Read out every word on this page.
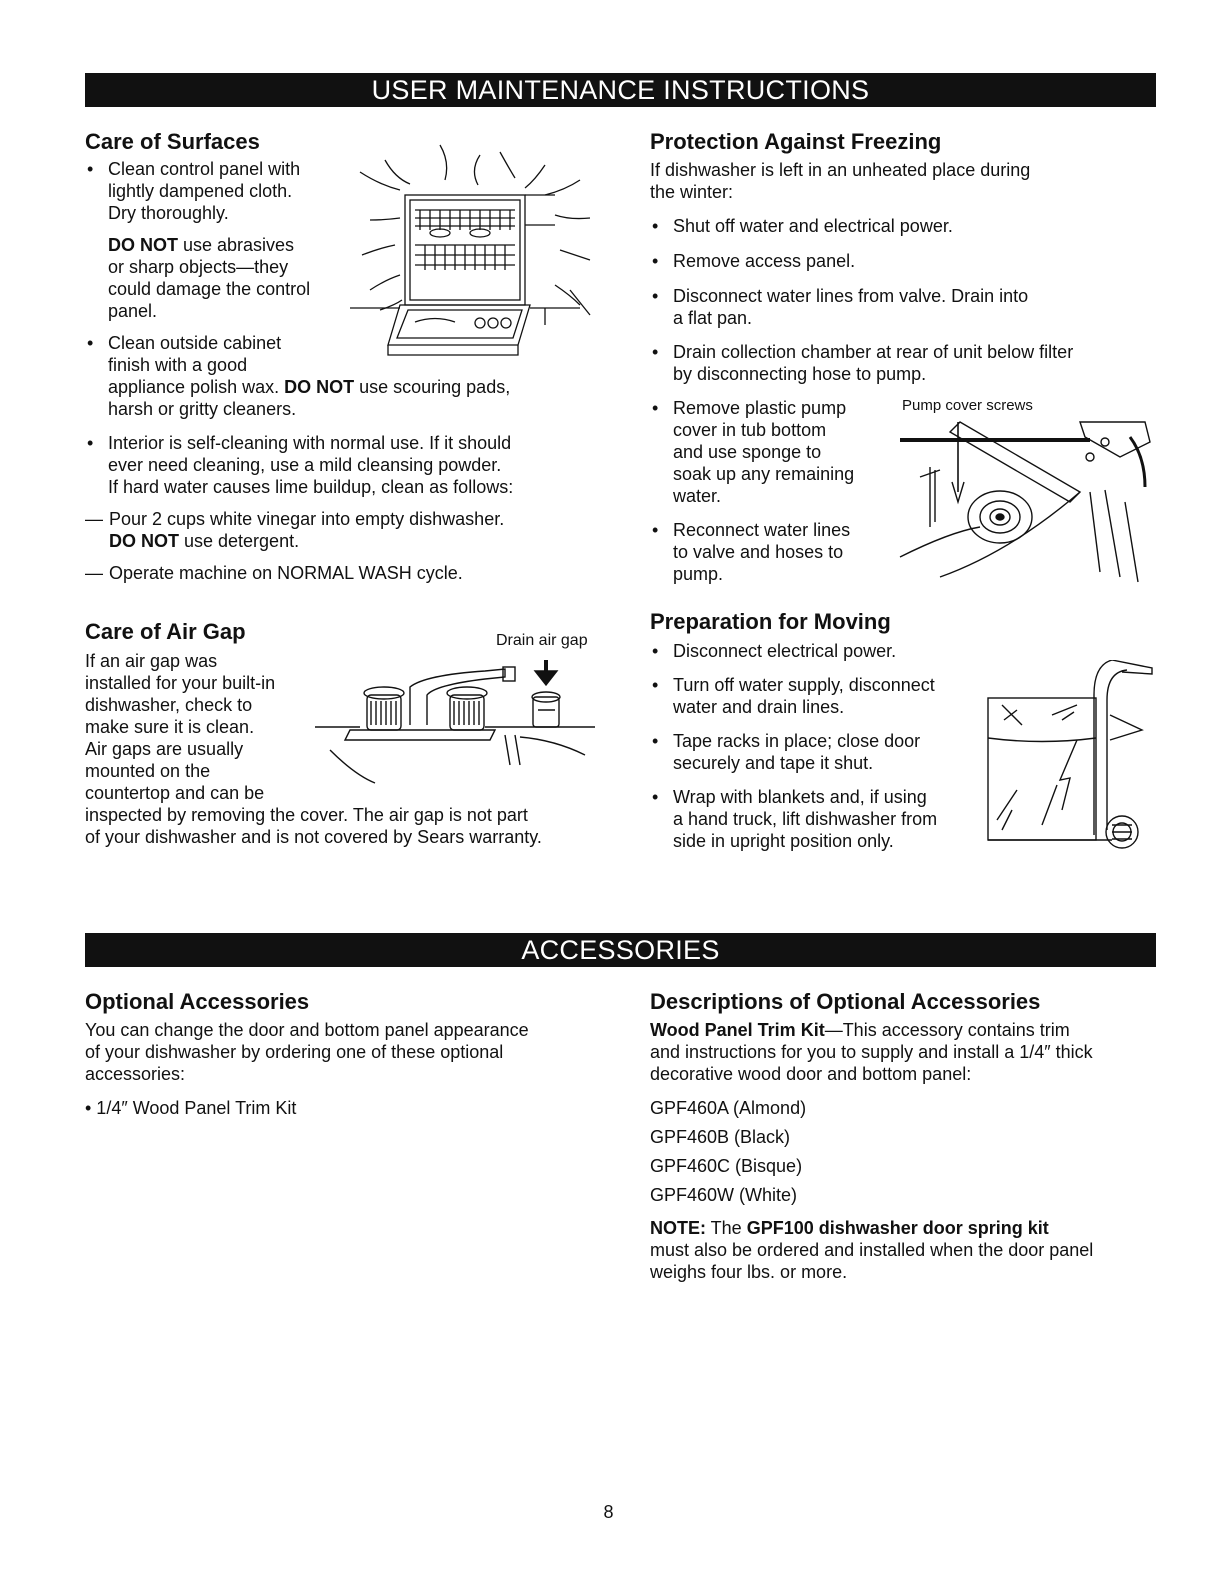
USER MAINTENANCE INSTRUCTIONS
Care of Surfaces

• Clean control panel with

lightly dampened cloth.

Dry thoroughly.

DO NOT use abrasives

or sharp objects—they

could damage the control

panel.

• Clean outside cabinet

finish with a good

appliance polish wax. DO NOT use scouring pads,

harsh or gritty cleaners.

• Interior is self-cleaning with normal use. If it should

ever need cleaning, use a mild cleansing powder.

If hard water causes lime buildup, clean as follows:

— Pour 2 cups white vinegar into empty dishwasher.

DO NOT use detergent.

— Operate machine on NORMAL WASH cycle.

Care of Air Gap

If an air gap was

installed for your built-in

dishwasher, check to

make sure it is clean.

Air gaps are usually

mounted on the

countertop and can be

inspected by removing the cover. The air gap is not part

of your dishwasher and is not covered by Sears warranty.

Drain air gap
Protection Against Freezing

If dishwasher is left in an unheated place during

the winter:

• Shut off water and electrical power.

• Remove access panel.

• Disconnect water lines from valve. Drain into

a flat pan.

• Drain collection chamber at rear of unit below filter

by disconnecting hose to pump.

• Remove plastic pump

cover in tub bottom

and use sponge to

soak up any remaining

water.

• Reconnect water lines

to valve and hoses to

pump.

Pump cover screws
Preparation for Moving

• Disconnect electrical power.

• Turn off water supply, disconnect

water and drain lines.

• Tape racks in place; close door

securely and tape it shut.

• Wrap with blankets and, if using

a hand truck, lift dishwasher from

side in upright position only.

ACCESSORIES
Optional Accessories

You can change the door and bottom panel appearance

of your dishwasher by ordering one of these optional

accessories:

• 1/4″ Wood Panel Trim Kit

Descriptions of Optional Accessories

Wood Panel Trim Kit—This accessory contains trim

and instructions for you to supply and install a 1/4″ thick

decorative wood door and bottom panel:

GPF460A (Almond)

GPF460B (Black)

GPF460C (Bisque)

GPF460W (White)

NOTE: The GPF100 dishwasher door spring kit

must also be ordered and installed when the door panel

weighs four lbs. or more.

8
